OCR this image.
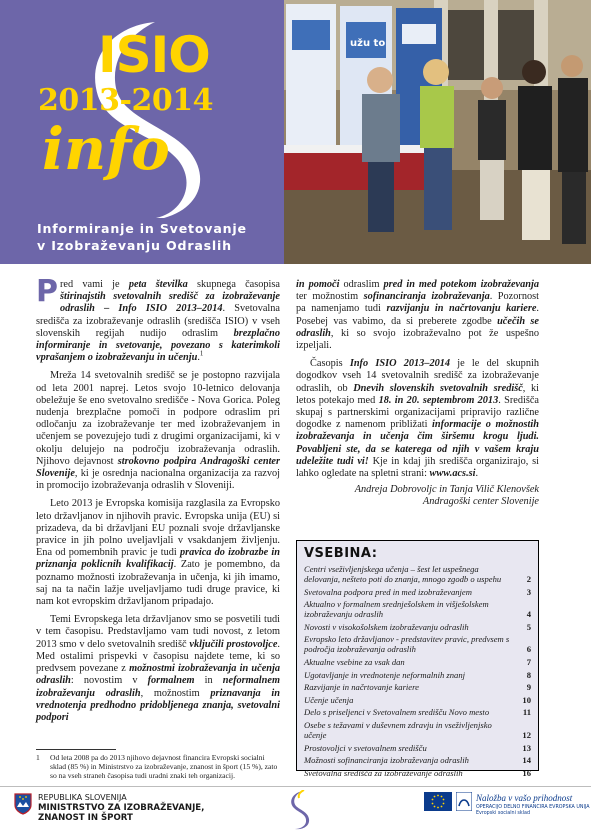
ISIO
2013-2014
info
Informiranje in Svetovanje
v Izobraževanju Odraslih
užu to

Pred vami je peta številka skupnega časopisa štirinajstih svetovalnih središč za izobraževanje odraslih – Info ISIO 2013–2014. Svetovalna središča za izobraževanje odraslih (središča ISIO) v vseh slovenskih regijah nudijo odraslim brezplačno informiranje in svetovanje, povezano s katerimkoli vprašanjem o izobraževanju in učenju.$^1$

Mreža 14 svetovalnih središč se je postopno razvijala od leta 2001 naprej. Letos svojo 10-letnico delovanja obeležuje še eno svetovalno središče - Nova Gorica. Poleg nudenja brezplačne pomoči in podpore odraslim pri odločanju za izobraževanje ter med izobraževanjem in učenjem se povezujejo tudi z drugimi organizacijami, ki v okolju delujejo na področju izobraževanja odraslih. Njihovo dejavnost strokovno podpira Andragoški center Slovenije, ki je osrednja nacionalna organizacija za razvoj in promocijo izobraževanja odraslih v Sloveniji.

Leto 2013 je Evropska komisija razglasila za Evropsko leto državljanov in njihovih pravic. Evropska unija (EU) si prizadeva, da bi državljani EU poznali svoje državljanske pravice in jih polno uveljavljali v vsakdanjem življenju. Ena od pomembnih pravic je tudi pravica do izobrazbe in priznanja poklicnih kvalifikacij. Zato je pomembno, da poznamo možnosti izobraževanja in učenja, ki jih imamo, saj na ta način lažje uveljavljamo tudi druge pravice, ki nam kot evropskim državljanom pripadajo.

Temi Evropskega leta državljanov smo se posvetili tudi v tem časopisu. Predstavljamo vam tudi novost, z letom 2013 smo v delo svetovalnih središč vključili prostovoljce. Med ostalimi prispevki v časopisu najdete teme, ki so predvsem povezane z možnostmi izobraževanja in učenja odraslih: novostim v formalnem in neformalnem izobraževanju odraslih, možnostim priznavanja in vrednotenja predhodno pridobljenega znanja, svetovalni podpori

1	Od leta 2008 pa do 2013 njihovo dejavnost financira Evropski socialni sklad (85 %) in Ministrstvo za izobraževanje, znanost in šport (15 %), zato so na vseh straneh časopisa tudi uradni znaki teh organizacij.

in pomoči odraslim pred in med potekom izobraževanja ter možnostim sofinanciranja izobraževanja. Pozornost pa namenjamo tudi razvijanju in načrtovanju kariere. Posebej vas vabimo, da si preberete zgodbe učečih se odraslih, ki so svojo izobraževalno pot že uspešno izpeljali.

Časopis Info ISIO 2013–2014 je le del skupnih dogodkov vseh 14 svetovalnih središč za izobraževanje odraslih, ob Dnevih slovenskih svetovalnih središč, ki letos potekajo med 18. in 20. septembrom 2013. Središča skupaj s partnerskimi organizacijami pripravijo različne dogodke z namenom približati informacije o možnostih izobraževanja in učenja čim širšemu krogu ljudi. Povabljeni ste, da se katerega od njih v vašem kraju udeležite tudi vi! Kje in kdaj jih središča organizirajo, si lahko ogledate na spletni strani: www.acs.si.

Andreja Dobrovoljc in Tanja Vilič Klenovšek
Andragoški center Slovenije
VSEBINA:
Centri vseživljenjskega učenja – šest let uspešnega delovanja, nešteto poti do znanja, mnogo zgodb o uspehu	2
Svetovalna podpora pred in med izobraževanjem	3
Aktualno v formalnem srednješolskem in višješolskem izobraževanju odraslih	4
Novosti v visokošolskem izobraževanju odraslih	5
Evropsko leto državljanov - predstavitev pravic, predvsem s področja izobraževanja odraslih	6
Aktualne vsebine za vsak dan	7
Ugotavljanje in vrednotenje neformalnih znanj	8
Razvijanje in načrtovanje kariere	9
Učenje učenja	10
Delo s priseljenci v Svetovalnem središču Novo mesto	11
Osebe s težavami v duševnem zdravju in vseživljenjsko učenje	12
Prostovoljci v svetovalnem središču	13
Možnosti sofinanciranja izobraževanja odraslih	14
Svetovalna središča za izobraževanje odraslih	16
REPUBLIKA SLOVENIJA
MINISTRSTVO ZA IZOBRAŽEVANJE,
ZNANOST IN ŠPORT
Naložba v vašo prihodnost
OPERACIJO DELNO FINANCIRA EVROPSKA UNIJA
Evropski socialni sklad
